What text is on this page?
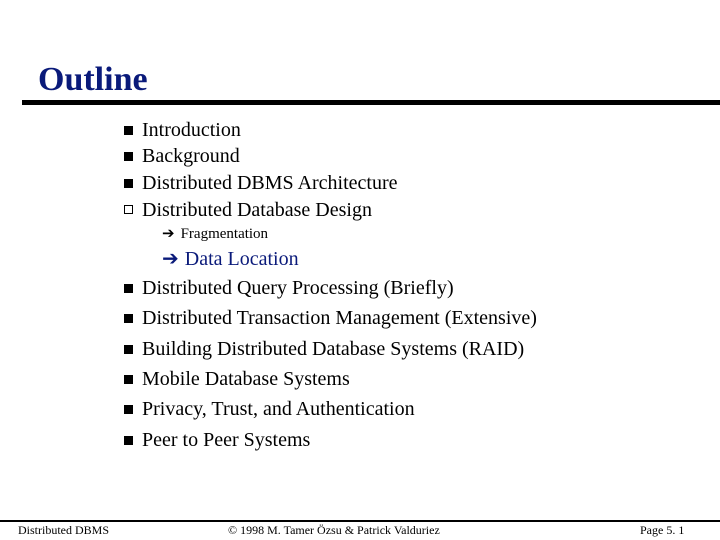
Outline
Introduction
Background
Distributed DBMS Architecture
Distributed Database Design
➔ Fragmentation
➔ Data Location
Distributed Query Processing (Briefly)
Distributed Transaction Management (Extensive)
Building Distributed Database Systems (RAID)
Mobile Database Systems
Privacy, Trust, and Authentication
Peer to Peer Systems
Distributed DBMS	© 1998 M. Tamer Özsu & Patrick Valduriez	Page 5. 1
